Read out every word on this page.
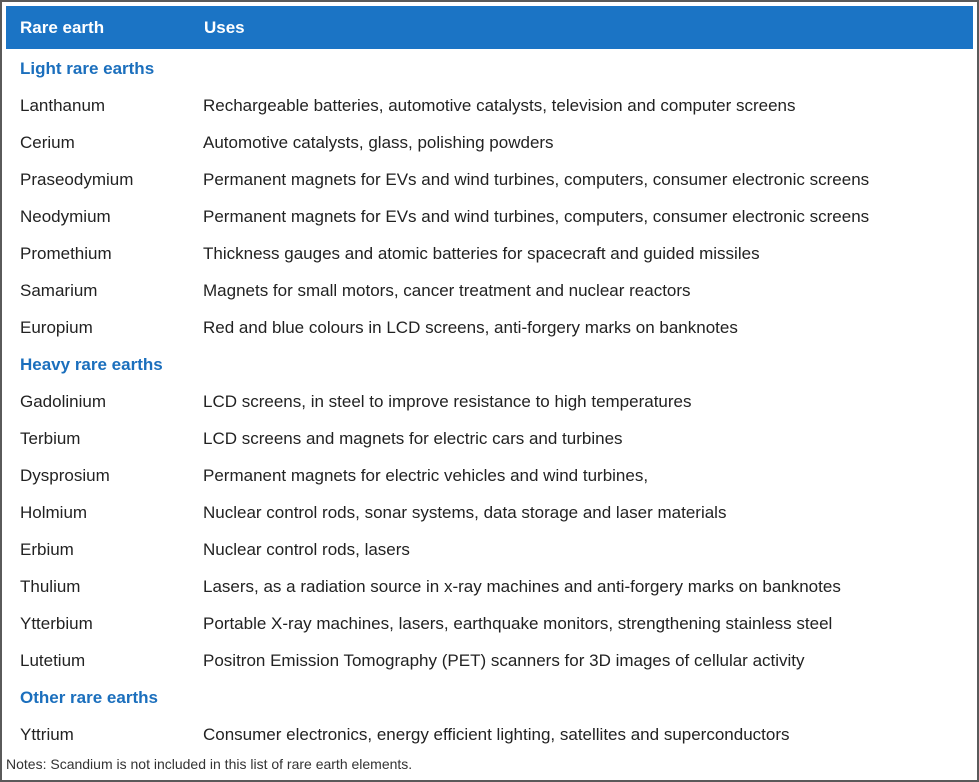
Rare earth	Uses
Light rare earths
Lanthanum	Rechargeable batteries, automotive catalysts, television and computer screens
Cerium	Automotive catalysts, glass, polishing powders
Praseodymium	Permanent magnets for EVs and wind turbines, computers, consumer electronic screens
Neodymium	Permanent magnets for EVs and wind turbines, computers, consumer electronic screens
Promethium	Thickness gauges and atomic batteries for spacecraft and guided missiles
Samarium	Magnets for small motors, cancer treatment and nuclear reactors
Europium	Red and blue colours in LCD screens, anti-forgery marks on banknotes
Heavy rare earths
Gadolinium	LCD screens, in steel to improve resistance to high temperatures
Terbium	LCD screens and magnets for electric cars and turbines
Dysprosium	Permanent magnets for electric vehicles and wind turbines,
Holmium	Nuclear control rods, sonar systems, data storage and laser materials
Erbium	Nuclear control rods, lasers
Thulium	Lasers, as a radiation source in x-ray machines and anti-forgery marks on banknotes
Ytterbium	Portable X-ray machines, lasers, earthquake monitors, strengthening stainless steel
Lutetium	Positron Emission Tomography (PET) scanners for 3D images of cellular activity
Other rare earths
Yttrium	Consumer electronics, energy efficient lighting, satellites and superconductors
Notes: Scandium is not included in this list of rare earth elements.
